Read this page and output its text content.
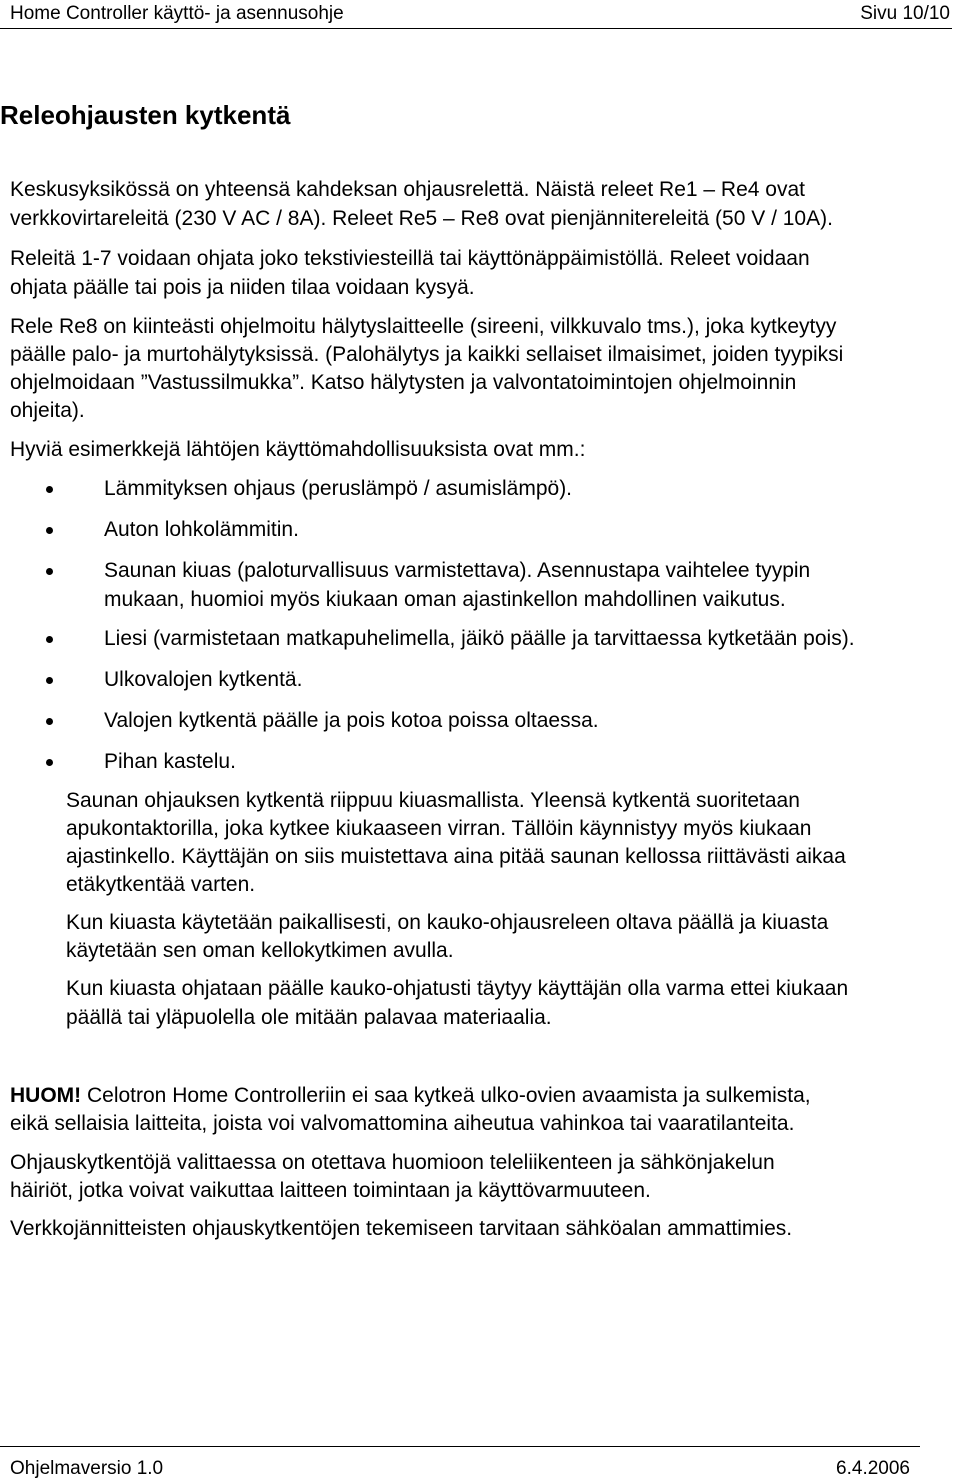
Home Controller käyttö- ja asennusohje	Sivu 10/10
Releohjausten kytkentä

Keskusyksikössä on yhteensä kahdeksan ohjausrelettä. Näistä releet Re1 – Re4 ovat

verkkovirtareleitä (230 V AC / 8A). Releet Re5 – Re8 ovat pienjännitereleitä (50 V / 10A).

Releitä 1-7 voidaan ohjata joko tekstiviesteillä tai käyttönäppäimistöllä. Releet voidaan

ohjata päälle tai pois ja niiden tilaa voidaan kysyä.

Rele Re8 on kiinteästi ohjelmoitu hälytyslaitteelle (sireeni, vilkkuvalo tms.), joka kytkeytyy

päälle palo- ja murtohälytyksissä. (Palohälytys ja kaikki sellaiset ilmaisimet, joiden tyypiksi

ohjelmoidaan ”Vastussilmukka”. Katso hälytysten ja valvontatoimintojen ohjelmoinnin

ohjeita).

Hyviä esimerkkejä lähtöjen käyttömahdollisuuksista ovat mm.:

Lämmityksen ohjaus (peruslämpö / asumislämpö).
Auton lohkolämmitin.
Saunan kiuas (paloturvallisuus varmistettava). Asennustapa vaihtelee tyypin
mukaan, huomioi myös kiukaan oman ajastinkellon mahdollinen vaikutus.
Liesi (varmistetaan matkapuhelimella, jäikö päälle ja tarvittaessa kytketään pois).
Ulkovalojen kytkentä.
Valojen kytkentä päälle ja pois kotoa poissa oltaessa.
Pihan kastelu.

Saunan ohjauksen kytkentä riippuu kiuasmallista. Yleensä kytkentä suoritetaan

apukontaktorilla, joka kytkee kiukaaseen virran. Tällöin käynnistyy myös kiukaan

ajastinkello. Käyttäjän on siis muistettava aina pitää saunan kellossa riittävästi aikaa

etäkytkentää varten.

Kun kiuasta käytetään paikallisesti, on kauko-ohjausreleen oltava päällä ja kiuasta

käytetään sen oman kellokytkimen avulla.

Kun kiuasta ohjataan päälle kauko-ohjatusti täytyy käyttäjän olla varma ettei kiukaan

päällä tai yläpuolella ole mitään palavaa materiaalia.

HUOM! Celotron Home Controlleriin ei saa kytkeä ulko-ovien avaamista ja sulkemista,

eikä sellaisia laitteita, joista voi valvomattomina aiheutua vahinkoa tai vaaratilanteita.

Ohjauskytkentöjä valittaessa on otettava huomioon teleliikenteen ja sähkönjakelun

häiriöt, jotka voivat vaikuttaa laitteen toimintaan ja käyttövarmuuteen.

Verkkojännitteisten ohjauskytkentöjen tekemiseen tarvitaan sähköalan ammattimies.

Ohjelmaversio 1.0	6.4.2006
